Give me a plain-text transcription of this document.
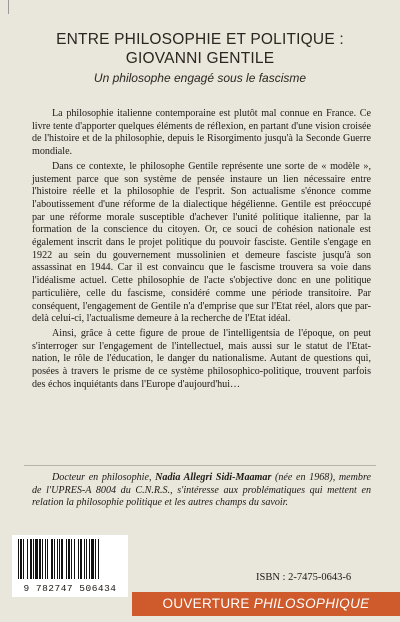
ENTRE PHILOSOPHIE ET POLITIQUE :
GIOVANNI GENTILE
Un philosophe engagé sous le fascisme

La philosophie italienne contemporaine est plutôt mal connue en France. Ce livre tente d'apporter quelques éléments de réflexion, en partant d'une vision croisée de l'histoire et de la philosophie, depuis le Risorgimento jusqu'à la Seconde Guerre mondiale.

Dans ce contexte, le philosophe Gentile représente une sorte de « modèle », justement parce que son système de pensée instaure un lien nécessaire entre l'histoire réelle et la philosophie de l'esprit. Son actualisme s'énonce comme l'aboutissement d'une réforme de la dialectique hégélienne. Gentile est préoccupé par une réforme morale susceptible d'achever l'unité politique italienne, par la formation de la conscience du citoyen. Or, ce souci de cohésion nationale est également inscrit dans le projet politique du pouvoir fasciste. Gentile s'engage en 1922 au sein du gouvernement mussolinien et demeure fasciste jusqu'à son assassinat en 1944. Car il est convaincu que le fascisme trouvera sa voie dans l'idéalisme actuel. Cette philosophie de l'acte s'objective donc en une politique particulière, celle du fascisme, considéré comme une période transitoire. Par conséquent, l'engagement de Gentile n'a d'emprise que sur l'Etat réel, alors que par-delà celui-ci, l'actualisme demeure à la recherche de l'Etat idéal.

Ainsi, grâce à cette figure de proue de l'intelligentsia de l'époque, on peut s'interroger sur l'engagement de l'intellectuel, mais aussi sur le statut de l'Etat-nation, le rôle de l'éducation, le danger du nationalisme. Autant de questions qui, posées à travers le prisme de ce système philosophico-politique, trouvent parfois des échos inquiétants dans l'Europe d'aujourd'hui…

Docteur en philosophie, Nadia Allegri Sidi-Maamar (née en 1968), membre de l'UPRES-A 8004 du C.N.R.S., s'intéresse aux problématiques qui mettent en relation la philosophie politique et les autres champs du savoir.
9 782747 506434
ISBN : 2-7475-0643-6
OUVERTURE PHILOSOPHIQUE
